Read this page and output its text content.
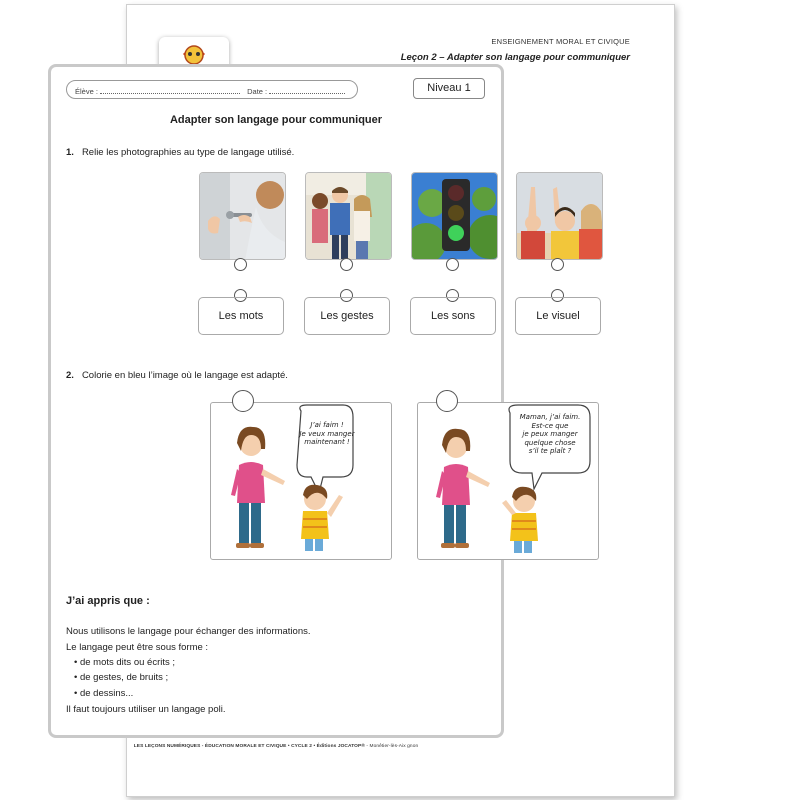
ENSEIGNEMENT MORAL ET CIVIQUE
Leçon 2 – Adapter son langage pour communiquer
Élève :	Date :	Niveau 1
Adapter son langage pour communiquer
1. Relie les photographies au type de langage utilisé.
Les mots	Les gestes	Les sons	Le visuel
2. Colorie en bleu l’image où le langage est adapté.
J’ai faim !
Je veux manger
maintenant !
Maman, j’ai faim.
Est-ce que
je peux manger
quelque chose
s’il te plaît ?
J’ai appris que :
Nous utilisons le langage pour échanger des informations.
Le langage peut être sous forme :
• de mots dits ou écrits ;
• de gestes, de bruits ;
• de dessins...
Il faut toujours utiliser un langage poli.
LES LEÇONS NUMÉRIQUES - ÉDUCATION MORALE ET CIVIQUE • CYCLE 2 • Éditions JOCATOP® - Monêtier-lès-Aix gnon
